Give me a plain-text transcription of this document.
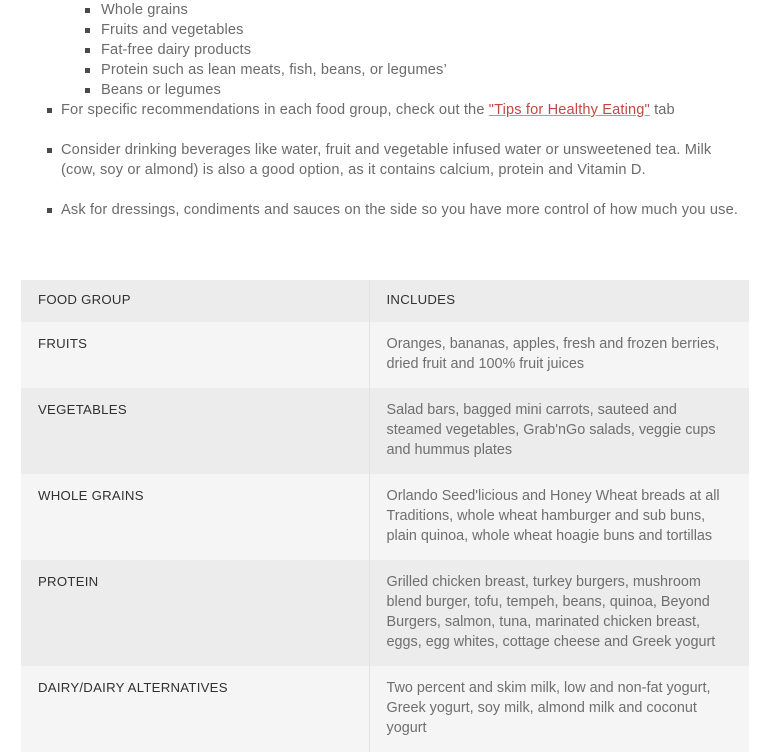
Whole grains
Fruits and vegetables
Fat-free dairy products
Protein such as lean meats, fish, beans, or legumes’
Beans or legumes
For specific recommendations in each food group, check out the "Tips for Healthy Eating" tab
Consider drinking beverages like water, fruit and vegetable infused water or unsweetened tea. Milk (cow, soy or almond) is also a good option, as it contains calcium, protein and Vitamin D.
Ask for dressings, condiments and sauces on the side so you have more control of how much you use.
FOOD GROUP	INCLUDES
FRUITS	Oranges, bananas, apples, fresh and frozen berries, dried fruit and 100% fruit juices
VEGETABLES	Salad bars, bagged mini carrots, sauteed and steamed vegetables, Grab'nGo salads, veggie cups and hummus plates
WHOLE GRAINS	Orlando Seed'licious and Honey Wheat breads at all Traditions, whole wheat hamburger and sub buns, plain quinoa, whole wheat hoagie buns and tortillas
PROTEIN	Grilled chicken breast, turkey burgers, mushroom blend burger, tofu, tempeh, beans, quinoa, Beyond Burgers, salmon, tuna, marinated chicken breast, eggs, egg whites, cottage cheese and Greek yogurt
DAIRY/DAIRY ALTERNATIVES	Two percent and skim milk, low and non-fat yogurt, Greek yogurt, soy milk, almond milk and coconut yogurt
